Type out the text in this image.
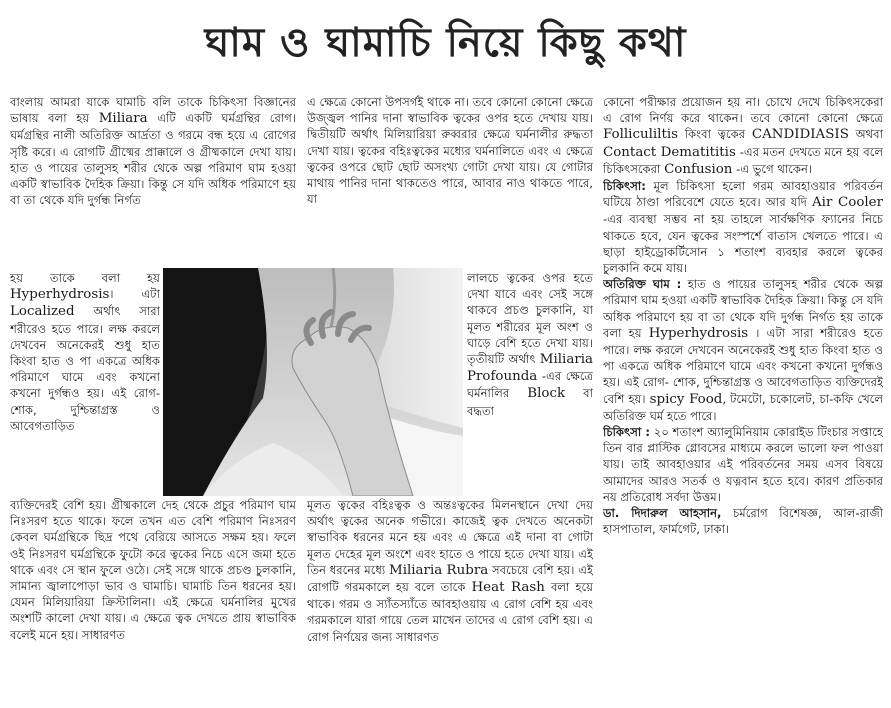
ঘাম ও ঘামাচি নিয়ে কিছু কথা

বাংলায় আমরা যাকে ঘামাচি বলি তাকে চিকিৎসা বিজ্ঞানের ভাষায় বলা হয় Miliara এটি একটি ঘর্মগ্রন্থির রোগ। ঘর্মগ্রন্থির নালী অতিরিক্ত আর্দ্রতা ও গরমে বন্ধ হয়ে এ রোগের সৃষ্টি করে। এ রোগটি গ্রীষ্মের প্রাক্কালে ও গ্রীষ্মকালে দেখা যায়। হাত ও পায়ের তালুসহ শরীর থেকে অল্প পরিমাণ ঘাম হওয়া একটি স্বাভাবিক দৈহিক ক্রিয়া। কিন্তু সে যদি অধিক পরিমাণে হয় বা তা থেকে যদি দুর্গন্ধ নির্গত

হয় তাকে বলা হয় Hyperhydrosis। এটা Localized অর্থাৎ সারা শরীরেও হতে পারে। লক্ষ করলে দেখবেন অনেকেরই শুধু হাত কিংবা হাত ও পা একত্রে অধিক পরিমাণে ঘামে এবং কখনো কখনো দুর্গন্ধও হয়। এই রোগ- শোক, দুশ্চিন্তাগ্রস্ত ও আবেগতাড়িত

ব্যক্তিদেরই বেশি হয়। গ্রীষ্মকালে দেহ থেকে প্রচুর পরিমাণ ঘাম নিঃসরণ হতে থাকে। ফলে তখন এত বেশি পরিমাণ নিঃসরণ কেবল ঘর্মগ্রন্থিকে ছিদ্র পথে বেরিয়ে আসতে সক্ষম হয়। ফলে ওই নিঃসরণ ঘর্মগ্রন্থিকে ফুটো করে ত্বকের নিচে এসে জমা হতে থাকে এবং সে স্থান ফুলে ওঠে। সেই সঙ্গে থাকে প্রচণ্ড চুলকানি, সামান্য জ্বালাপোড়া ভাব ও ঘামাচি। ঘামাচি তিন ধরনের হয়। যেমন মিলিয়ারিয়া ক্রিস্টালিনা। এই ক্ষেত্রে ঘর্মনালির মুখের অংশটি কালো দেখা যায়। এ ক্ষেত্রে ত্বক দেখতে প্রায় স্বাভাবিক বলেই মনে হয়। সাধারণত

এ ক্ষেত্রে কোনো উপসর্গই থাকে না। তবে কোনো কোনো ক্ষেত্রে উজ্জ্বল পানির দানা স্বাভাবিক ত্বকের ওপর হতে দেখায় যায়। দ্বিতীয়টি অর্থাৎ মিলিয়ারিয়া রুব্বরার ক্ষেত্রে ঘর্মনালীর রুদ্ধতা দেখা যায়। ত্বকের বহিঃত্বকের মধ্যের ঘর্মনালিতে এবং এ ক্ষেত্রে ত্বকের ওপরে ছোট ছোট অসংখ্য গোটা দেখা যায়। যে গোটার মাথায় পানির দানা থাকতেও পারে, আবার নাও থাকতে পারে, যা

লালচে ত্বকের ওপর হতে দেখা যাবে এবং সেই সঙ্গে থাকবে প্রচণ্ড চুলকানি, যা মূলত শরীরের মূল অংশ ও ঘাড়ে বেশি হতে দেখা যায়। তৃতীয়টি অর্থাৎ Miliaria Profounda -এর ক্ষেত্রে ঘর্মনালির Block বা বদ্ধতা

মূলত ত্বকের বহিঃত্বক ও অন্তঃত্বকের মিলনস্থানে দেখা দেয় অর্থাৎ ত্বকের অনেক গভীরে। কাজেই ত্বক দেখতে অনেকটা স্বাভাবিক ধরনের মনে হয় এবং এ ক্ষেত্রে এই দানা বা গোটা মূলত দেহের মূল অংশে এবং হাতে ও পায়ে হতে দেখা যায়। এই তিন ধরনের মধ্যে Miliaria Rubra সবচেয়ে বেশি হয়। এই রোগটি গরমকালে হয় বলে তাকে Heat Rash বলা হয়ে থাকে। গরম ও স্যাঁতস্যাঁতে আবহাওয়ায় এ রোগ বেশি হয় এবং গরমকালে যারা গায়ে তেল মাখেন তাদের এ রোগ বেশি হয়। এ রোগ নির্ণয়ের জন্য সাধারণত

কোনো পরীক্ষার প্রয়োজন হয় না। চোখে দেখে চিকিৎসকেরা এ রোগ নির্ণয় করে থাকেন। তবে কোনো কোনো ক্ষেত্রে Folliculiltis কিংবা ত্বকের CANDIDIASIS অথবা Contact Dematititis -এর মতন দেখতে মনে হয় বলে চিকিৎসকেরা Confusion -এ ভুগে থাকেন।

চিকিৎসা: মূল চিকিৎসা হলো গরম আবহাওয়ার পরিবর্তন ঘটিয়ে ঠাণ্ডা পরিবেশে যেতে হবে। আর যদি Air Cooler -এর ব্যবস্থা সম্ভব না হয় তাহলে সার্বক্ষণিক ফ্যানের নিচে থাকতে হবে, যেন ত্বকের সংস্পর্শে বাতাস খেলতে পারে। এ ছাড়া হাইড্রোকর্টিসোন ১ শতাংশ ব্যবহার করলে ত্বকের চুলকানি কমে যায়।

অতিরিক্ত ঘাম : হাত ও পায়ের তালুসহ শরীর থেকে অল্প পরিমাণ ঘাম হওয়া একটি স্বাভাবিক দৈহিক ক্রিয়া। কিন্তু সে যদি অধিক পরিমাণে হয় বা তা থেকে যদি দুর্গন্ধ নির্গত হয় তাকে বলা হয় Hyperhydrosis । এটা সারা শরীরেও হতে পারে। লক্ষ করলে দেখবেন অনেকেরই শুধু হাত কিংবা হাত ও পা একত্রে অধিক পরিমাণে ঘামে এবং কখনো কখনো দুর্গন্ধও হয়। এই রোগ- শোক, দুশ্চিন্তাগ্রস্ত ও আবেগতাড়িত ব্যক্তিদেরই বেশি হয়। spicy Food, টমেটো, চকোলেট, চা-কফি খেলে অতিরিক্ত ঘর্ম হতে পারে।

চিকিৎসা : ২০ শতাংশ অ্যালুমিনিয়াম কোরাইড টিংচার সপ্তাহে তিন বার প্লাস্টিক গ্লোবসের মাধ্যমে করলে ভালো ফল পাওয়া যায়। তাই আবহাওয়ার এই পরিবর্তনের সময় এসব বিষয়ে আমাদের আরও সতর্ক ও যত্নবান হতে হবে। কারণ প্রতিকার নয় প্রতিরোধ সর্বদা উত্তম।

ডা. দিদারুল আহসান, চর্মরোগ বিশেষজ্ঞ, আল-রাজী হাসপাতাল, ফার্মগেট, ঢাকা।
